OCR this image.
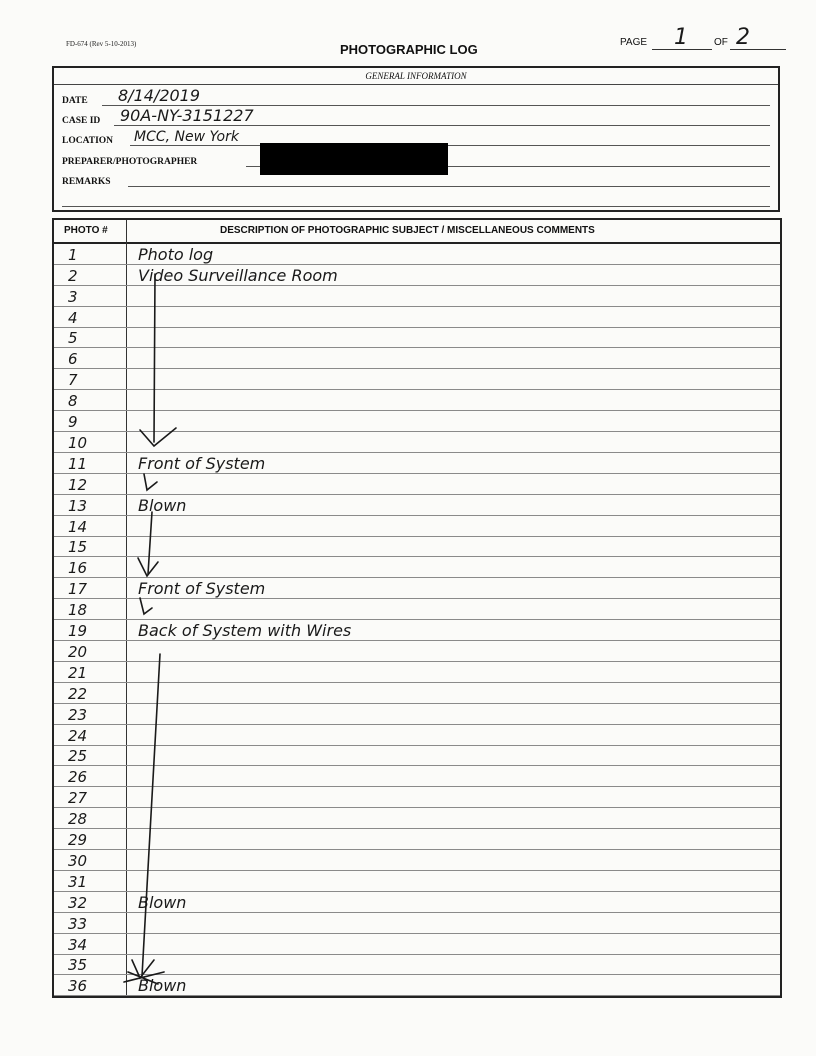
FD-674 (Rev 5-10-2013)	PHOTOGRAPHIC LOG	PAGE 1	OF 2
GENERAL INFORMATION
DATE 8/14/2019
CASE ID 90A-NY-3151227
LOCATION MCC, New York
PREPARER/PHOTOGRAPHER
REMARKS
PHOTO #	DESCRIPTION OF PHOTOGRAPHIC SUBJECT / MISCELLANEOUS COMMENTS
1	Photo log
2	Video Surveillance Room
3
4
5
6
7
8
9
10
11	Front of System
12
13	Blown
14
15
16
17	Front of System
18
19	Back of System with Wires
20
21
22
23
24
25
26
27
28
29
30
31
32	Blown
33
34
35
36	Blown
